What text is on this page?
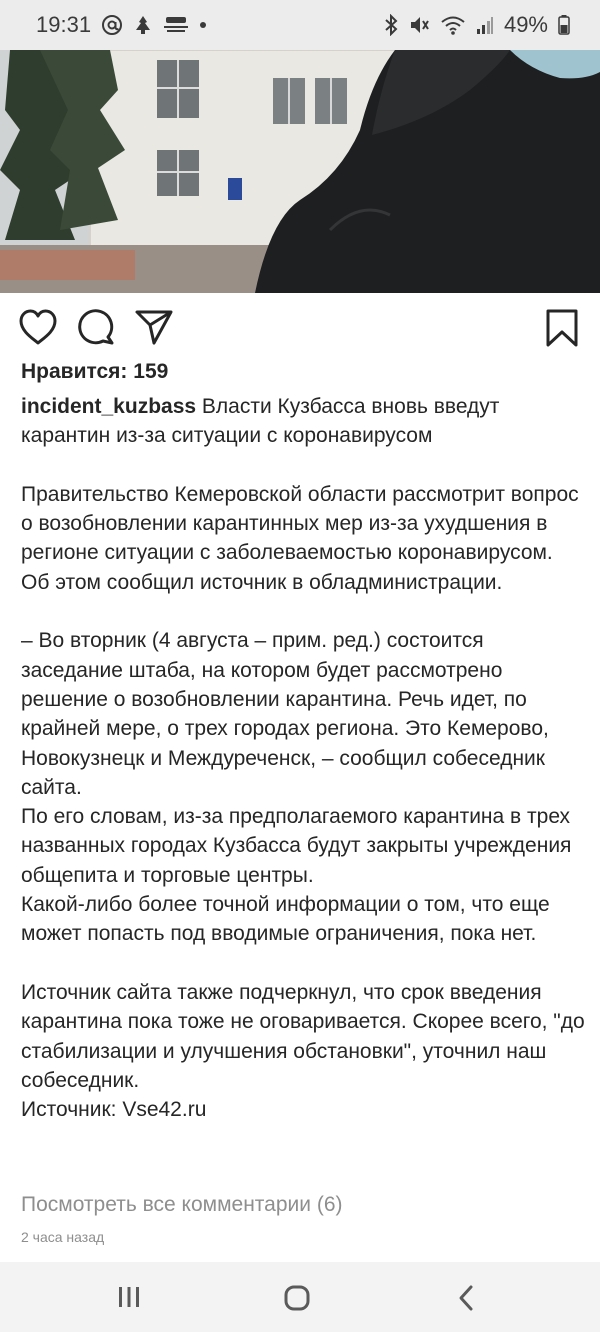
19:31	49%
Нравится: 159
incident_kuzbass Власти Кузбасса вновь введут карантин из-за ситуации с коронавирусом

Правительство Кемеровской области рассмотрит вопрос о возобновлении карантинных мер из-за ухудшения в регионе ситуации с заболеваемостью коронавирусом. Об этом сообщил источник в обладминистрации.

– Во вторник (4 августа – прим. ред.) состоится заседание штаба, на котором будет рассмотрено решение о возобновлении карантина. Речь идет, по крайней мере, о трех городах региона. Это Кемерово, Новокузнецк и Междуреченск, – сообщил собеседник сайта.
По его словам, из-за предполагаемого карантина в трех названных городах Кузбасса будут закрыты учреждения общепита и торговые центры.
Какой-либо более точной информации о том, что еще может попасть под вводимые ограничения, пока нет.

Источник сайта также подчеркнул, что срок введения карантина пока тоже не оговаривается. Скорее всего, "до стабилизации и улучшения обстановки", уточнил наш собеседник.
Источник: Vse42.ru
Посмотреть все комментарии (6)
2 часа назад
